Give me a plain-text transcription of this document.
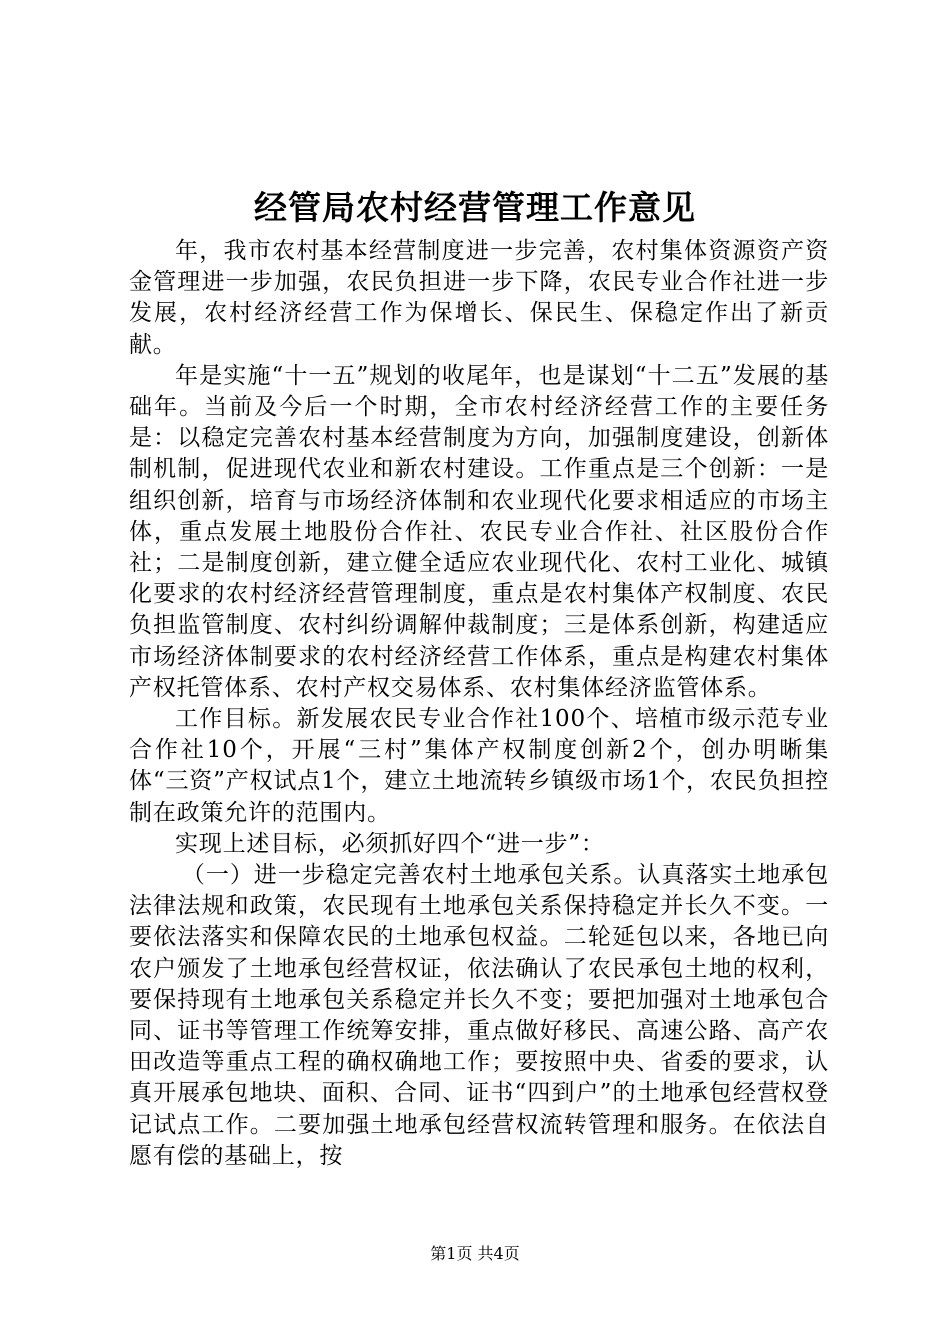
经管局农村经营管理工作意见

年，我市农村基本经营制度进一步完善，农村集体资源资产资金管理进一步加强，农民负担进一步下降，农民专业合作社进一步发展，农村经济经营工作为保增长、保民生、保稳定作出了新贡献。

年是实施“十一五”规划的收尾年，也是谋划“十二五”发展的基础年。当前及今后一个时期，全市农村经济经营工作的主要任务是：以稳定完善农村基本经营制度为方向，加强制度建设，创新体制机制，促进现代农业和新农村建设。工作重点是三个创新：一是组织创新，培育与市场经济体制和农业现代化要求相适应的市场主体，重点发展土地股份合作社、农民专业合作社、社区股份合作社；二是制度创新，建立健全适应农业现代化、农村工业化、城镇化要求的农村经济经营管理制度，重点是农村集体产权制度、农民负担监管制度、农村纠纷调解仲裁制度；三是体系创新，构建适应市场经济体制要求的农村经济经营工作体系，重点是构建农村集体产权托管体系、农村产权交易体系、农村集体经济监管体系。

工作目标。新发展农民专业合作社100个、培植市级示范专业合作社10个，开展“三村”集体产权制度创新2个，创办明晰集体“三资”产权试点1个，建立土地流转乡镇级市场1个，农民负担控制在政策允许的范围内。

实现上述目标，必须抓好四个“进一步”：

（一）进一步稳定完善农村土地承包关系。认真落实土地承包法律法规和政策，农民现有土地承包关系保持稳定并长久不变。一要依法落实和保障农民的土地承包权益。二轮延包以来，各地已向农户颁发了土地承包经营权证，依法确认了农民承包土地的权利，要保持现有土地承包关系稳定并长久不变；要把加强对土地承包合同、证书等管理工作统筹安排，重点做好移民、高速公路、高产农田改造等重点工程的确权确地工作；要按照中央、省委的要求，认真开展承包地块、面积、合同、证书“四到户”的土地承包经营权登记试点工作。二要加强土地承包经营权流转管理和服务。在依法自愿有偿的基础上，按

第1页 共4页
